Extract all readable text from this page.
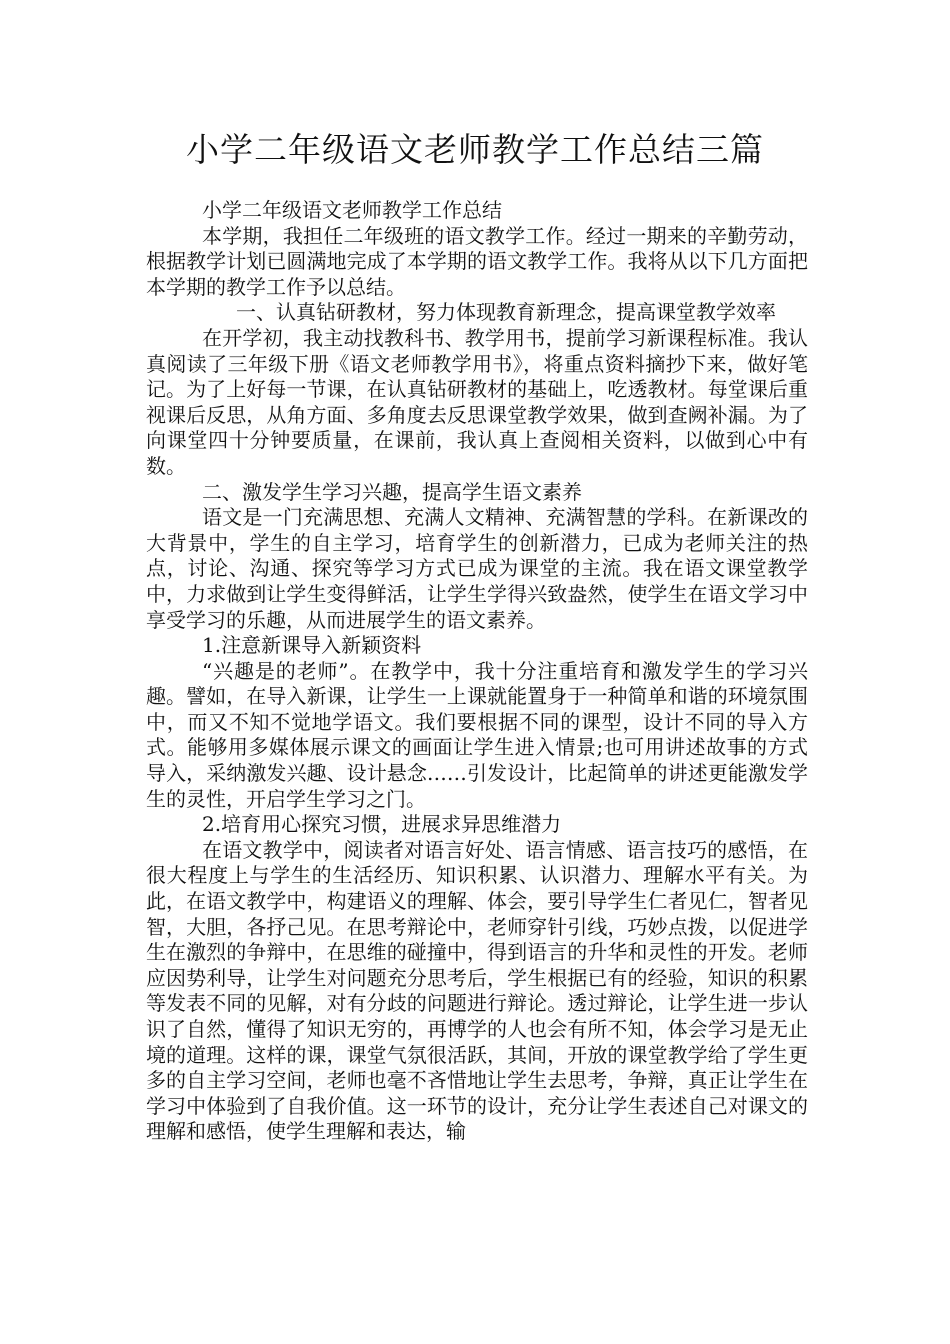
小学二年级语文老师教学工作总结三篇

小学二年级语文老师教学工作总结

本学期，我担任二年级班的语文教学工作。经过一期来的辛勤劳动，根据教学计划已圆满地完成了本学期的语文教学工作。我将从以下几方面把本学期的教学工作予以总结。

一、认真钻研教材，努力体现教育新理念，提高课堂教学效率

在开学初，我主动找教科书、教学用书，提前学习新课程标准。我认真阅读了三年级下册《语文老师教学用书》，将重点资料摘抄下来，做好笔记。为了上好每一节课，在认真钻研教材的基础上，吃透教材。每堂课后重视课后反思，从角方面、多角度去反思课堂教学效果，做到查阙补漏。为了向课堂四十分钟要质量，在课前，我认真上查阅相关资料，以做到心中有数。

二、激发学生学习兴趣，提高学生语文素养

语文是一门充满思想、充满人文精神、充满智慧的学科。在新课改的大背景中，学生的自主学习，培育学生的创新潜力，已成为老师关注的热点，讨论、沟通、探究等学习方式已成为课堂的主流。我在语文课堂教学中，力求做到让学生变得鲜活，让学生学得兴致盎然，使学生在语文学习中享受学习的乐趣，从而进展学生的语文素养。

1.注意新课导入新颖资料

“兴趣是的老师”。在教学中，我十分注重培育和激发学生的学习兴趣。譬如，在导入新课，让学生一上课就能置身于一种简单和谐的环境氛围中，而又不知不觉地学语文。我们要根据不同的课型，设计不同的导入方式。能够用多媒体展示课文的画面让学生进入情景;也可用讲述故事的方式导入，采纳激发兴趣、设计悬念……引发设计，比起简单的讲述更能激发学生的灵性，开启学生学习之门。

2.培育用心探究习惯，进展求异思维潜力

在语文教学中，阅读者对语言好处、语言情感、语言技巧的感悟，在很大程度上与学生的生活经历、知识积累、认识潜力、理解水平有关。为此，在语文教学中，构建语义的理解、体会，要引导学生仁者见仁，智者见智，大胆，各抒己见。在思考辩论中，老师穿针引线，巧妙点拨，以促进学生在激烈的争辩中，在思维的碰撞中，得到语言的升华和灵性的开发。老师应因势利导，让学生对问题充分思考后，学生根据已有的经验，知识的积累等发表不同的见解，对有分歧的问题进行辩论。透过辩论，让学生进一步认识了自然，懂得了知识无穷的，再博学的人也会有所不知，体会学习是无止境的道理。这样的课，课堂气氛很活跃，其间，开放的课堂教学给了学生更多的自主学习空间，老师也毫不吝惜地让学生去思考，争辩，真正让学生在学习中体验到了自我价值。这一环节的设计，充分让学生表述自己对课文的理解和感悟，使学生理解和表达，输
